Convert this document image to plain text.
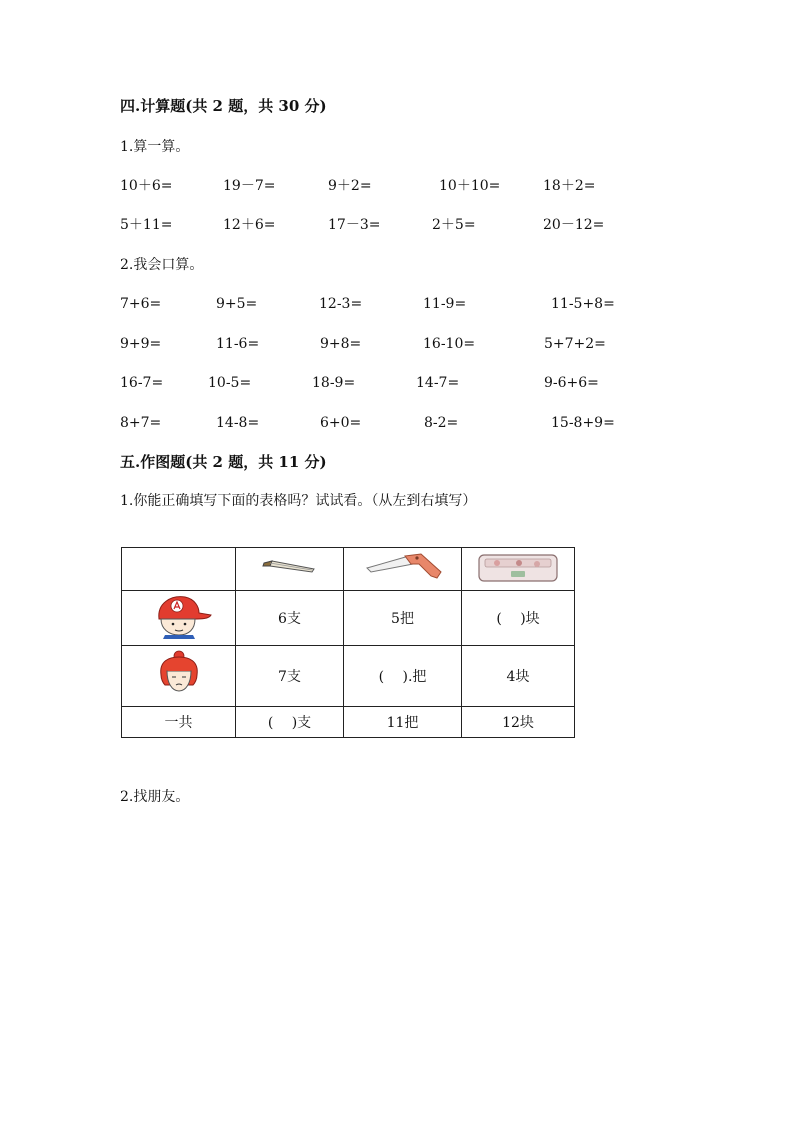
四.计算题(共 2 题，共 30 分)
1.算一算。
10＋6=	19－7=	9＋2=	10＋10=	18＋2=
5＋11=	12＋6=	17－3=	2＋5=	20－12=
2.我会口算。
7+6=	9+5=	12-3=	11-9=	11-5+8=
9+9=	11-6=	9+8=	16-10=	5+7+2=
16-7=	10-5=	18-9=	14-7=	9-6+6=
8+7=	14-8=	6+0=	8-2=	15-8+9=
五.作图题(共 2 题，共 11 分)
1.你能正确填写下面的表格吗？试试看。（从左到右填写）

	6支	5把	(　 )块
	7支	(　 ).把	4块
一共	(　 )支	11把	12块
2.找朋友。
